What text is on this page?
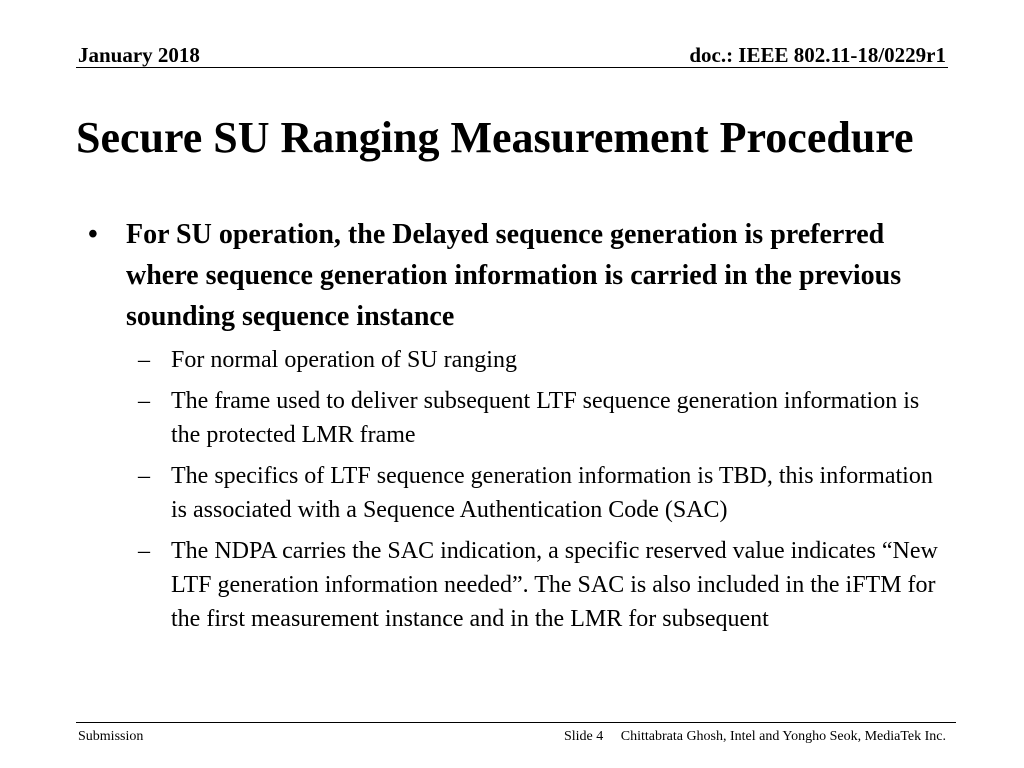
January 2018	doc.: IEEE 802.11-18/0229r1
Secure SU Ranging Measurement Procedure
• For SU operation, the Delayed sequence generation is preferred where sequence generation information is carried in the previous sounding sequence instance
– For normal operation of SU ranging
– The frame used to deliver subsequent LTF sequence generation information is the protected LMR frame
– The specifics of LTF sequence generation information is TBD, this information is associated with a Sequence Authentication Code (SAC)
– The NDPA carries the SAC indication, a specific reserved value indicates “New LTF generation information needed”. The SAC is also included in the iFTM for the first measurement instance and in the LMR for subsequent
Submission	Slide 4 Chittabrata Ghosh, Intel and Yongho Seok, MediaTek Inc.
